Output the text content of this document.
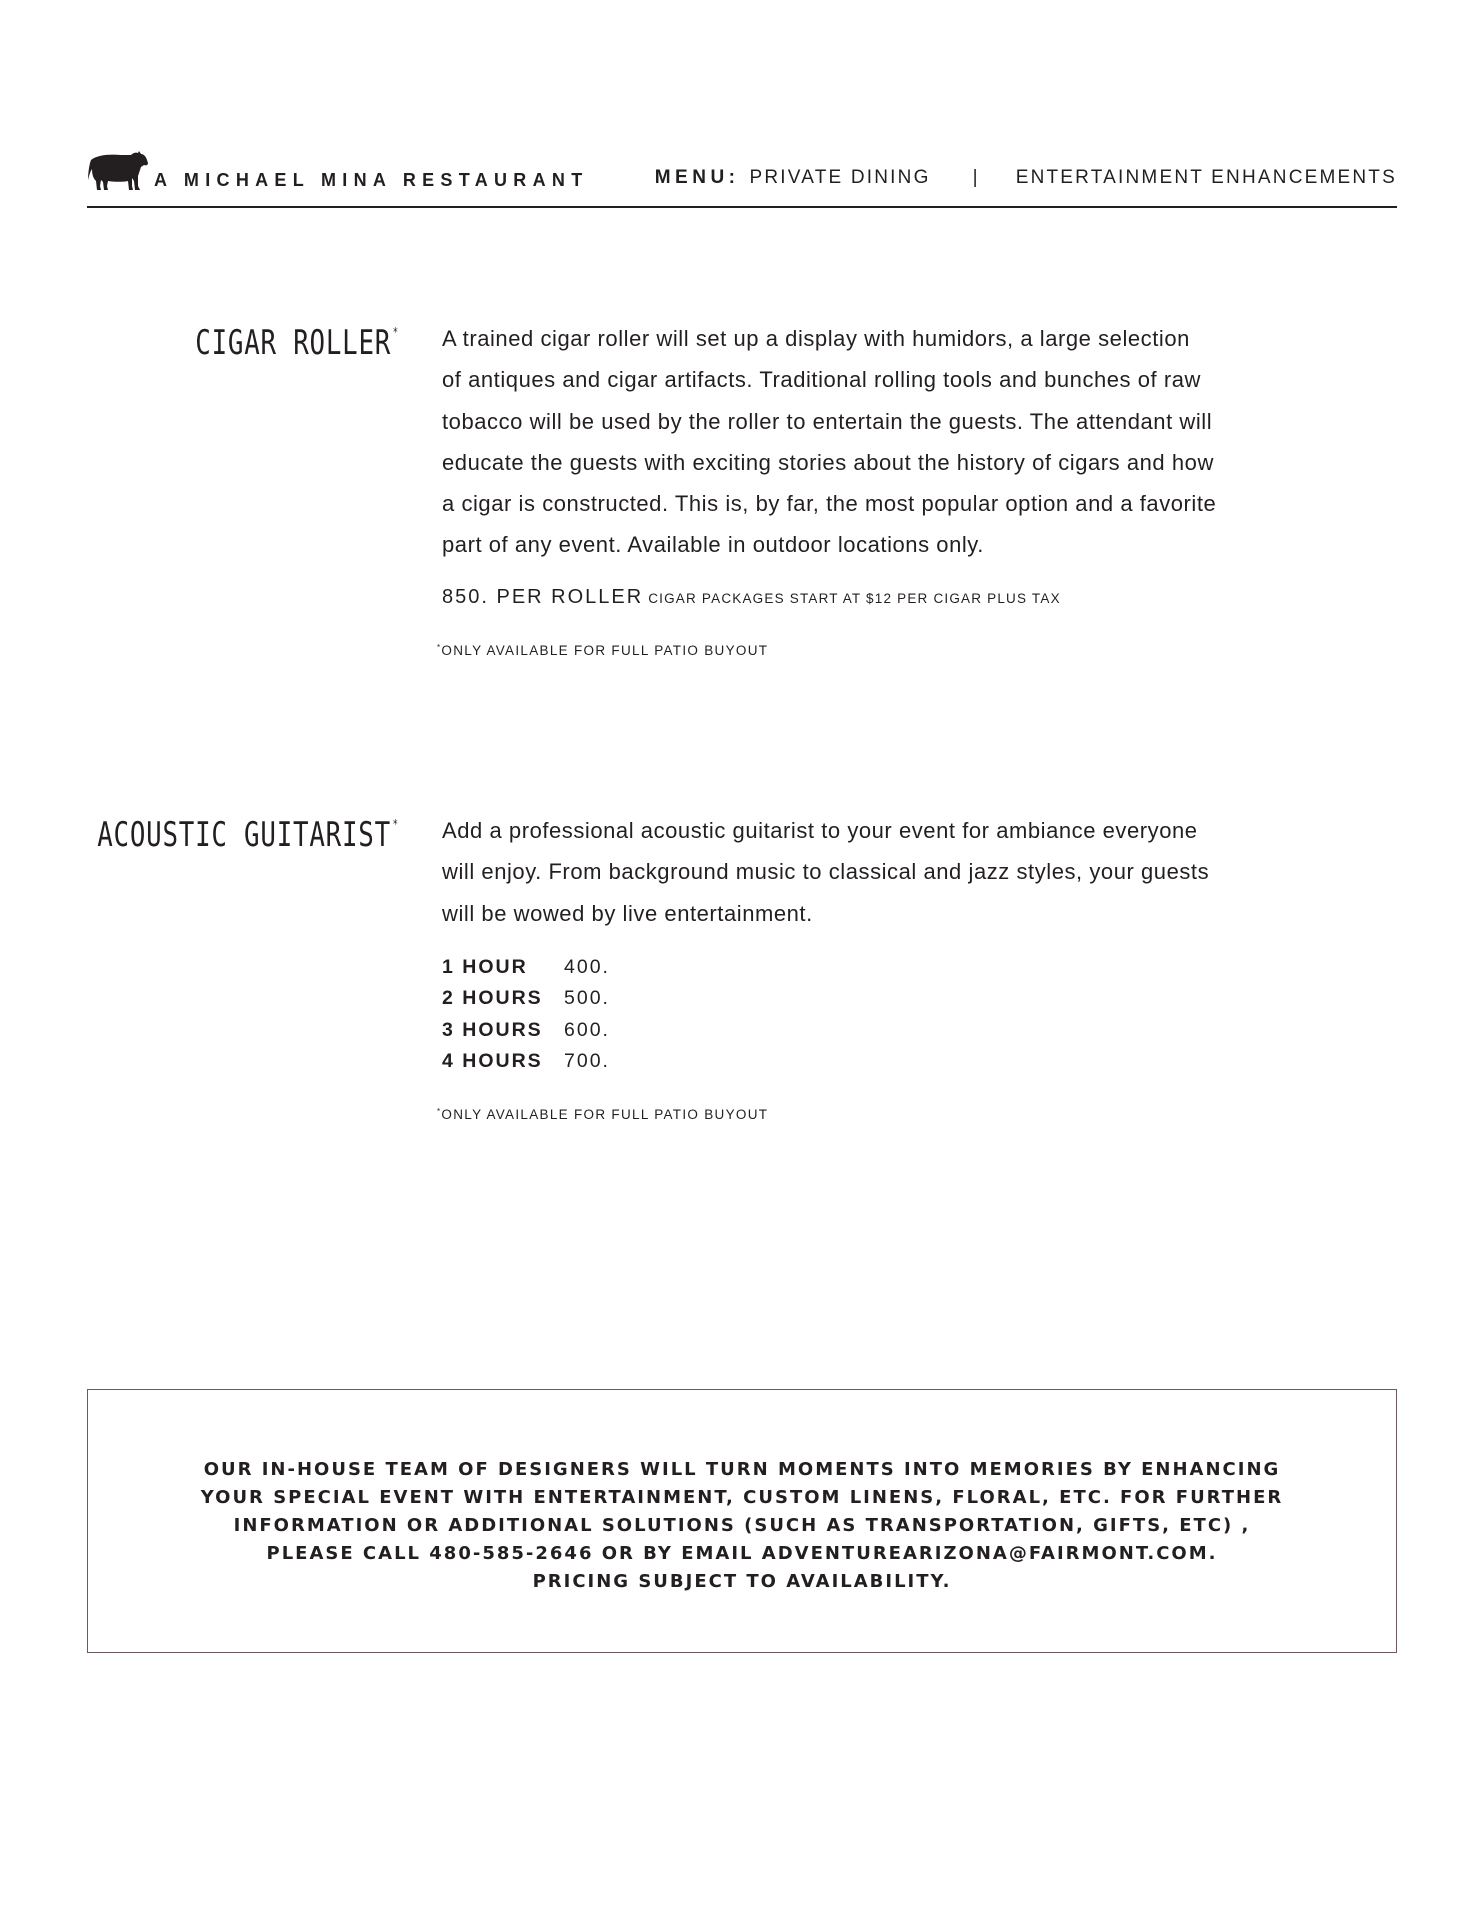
A MICHAEL MINA RESTAURANT	MENU: PRIVATE DINING | ENTERTAINMENT ENHANCEMENTS
CIGAR ROLLER * A trained cigar roller will set up a display with humidors, a large selection
of antiques and cigar artifacts. Traditional rolling tools and bunches of raw
tobacco will be used by the roller to entertain the guests. The attendant will
educate the guests with exciting stories about the history of cigars and how
a cigar is constructed. This is, by far, the most popular option and a favorite
part of any event. Available in outdoor locations only.
850. PER ROLLER CIGAR PACKAGES START AT $12 PER CIGAR PLUS TAX
*ONLY AVAILABLE FOR FULL PATIO BUYOUT
ACOUSTIC GUITARIST * Add a professional acoustic guitarist to your event for ambiance everyone
will enjoy. From background music to classical and jazz styles, your guests
will be wowed by live entertainment.
1 HOUR	400.
2 HOURS	500.
3 HOURS	600.
4 HOURS	700.
*ONLY AVAILABLE FOR FULL PATIO BUYOUT
OUR IN-HOUSE TEAM OF DESIGNERS WILL TURN MOMENTS INTO MEMORIES BY ENHANCING
YOUR SPECIAL EVENT WITH ENTERTAINMENT, CUSTOM LINENS, FLORAL, ETC. FOR FURTHER
INFORMATION OR ADDITIONAL SOLUTIONS (SUCH AS TRANSPORTATION, GIFTS, ETC) ,
PLEASE CALL 480-585-2646 OR BY EMAIL ADVENTUREARIZONA@FAIRMONT.COM.
PRICING SUBJECT TO AVAILABILITY.
